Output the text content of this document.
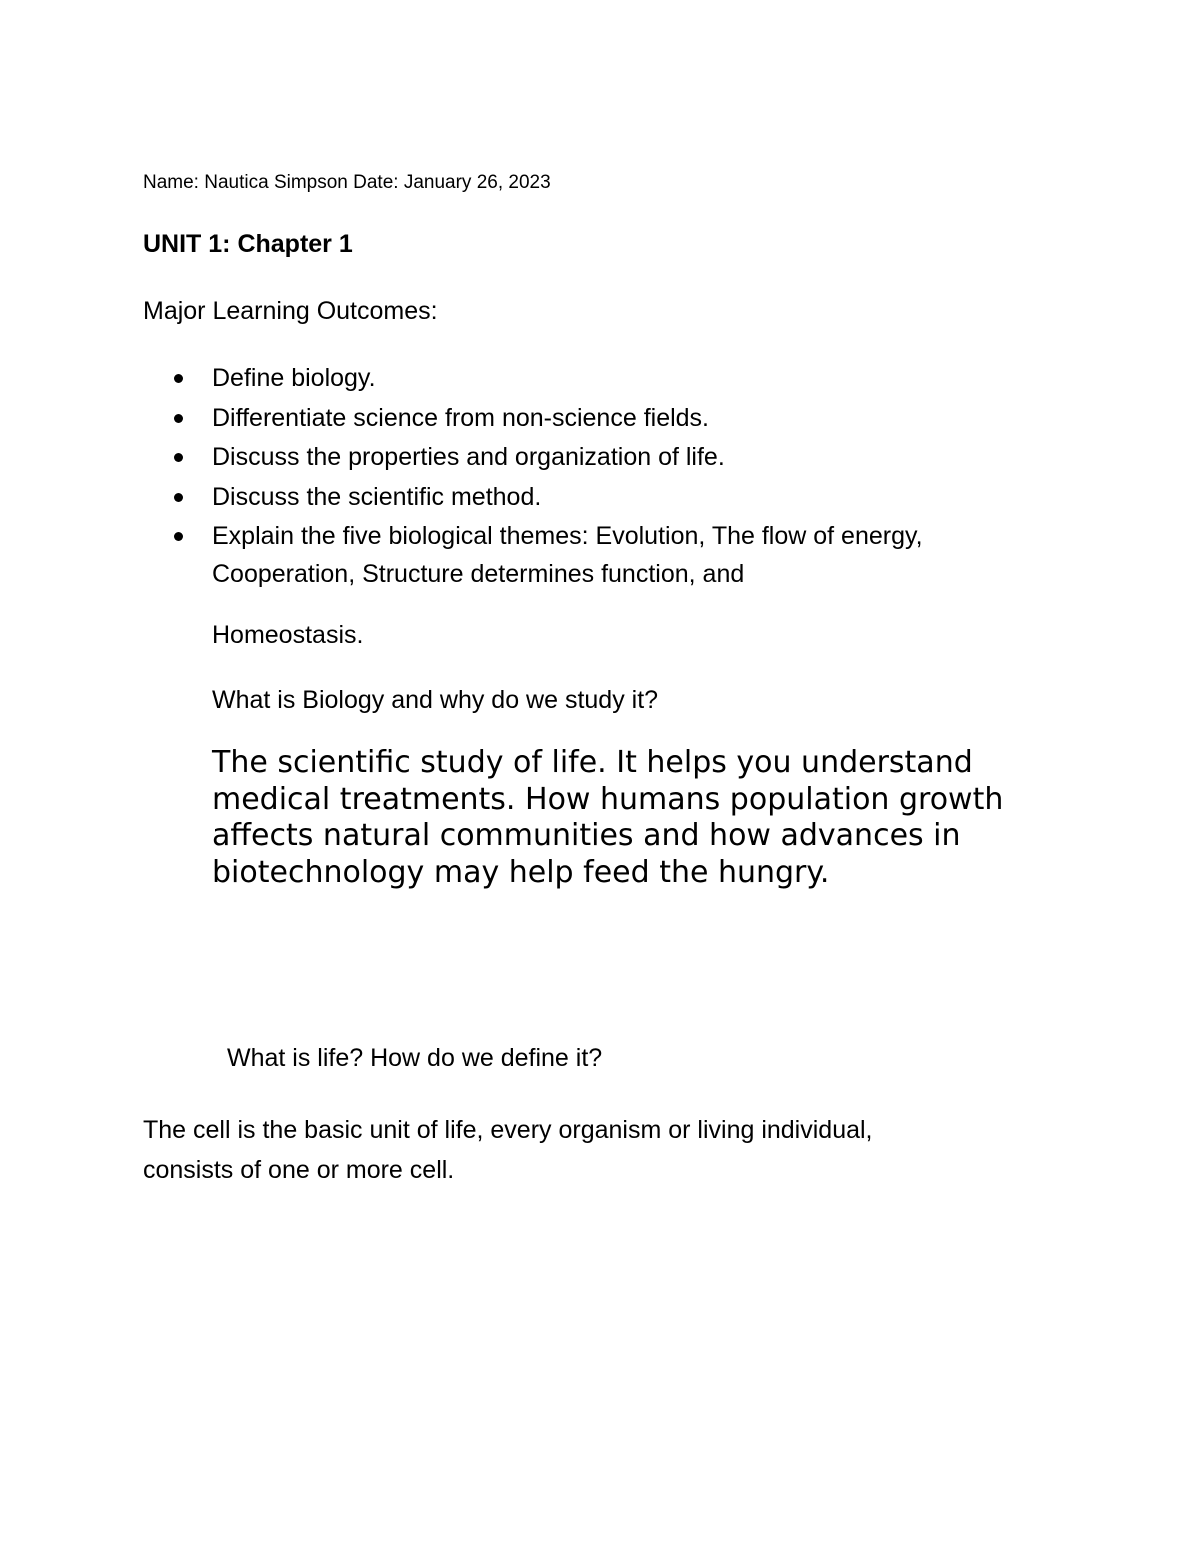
Name: Nautica Simpson Date: January 26, 2023
UNIT 1: Chapter 1
Major Learning Outcomes:
Define biology.
Differentiate science from non-science fields.
Discuss the properties and organization of life.
Discuss the scientific method.
Explain the five biological themes: Evolution, The flow of energy,
Cooperation, Structure determines function, and
Homeostasis.
What is Biology and why do we study it?
The scientific study of life. It helps you understand
medical treatments. How humans population growth
affects natural communities and how advances in
biotechnology may help feed the hungry.
What is life? How do we define it?
The cell is the basic unit of life, every organism or living individual,
consists of one or more cell.
